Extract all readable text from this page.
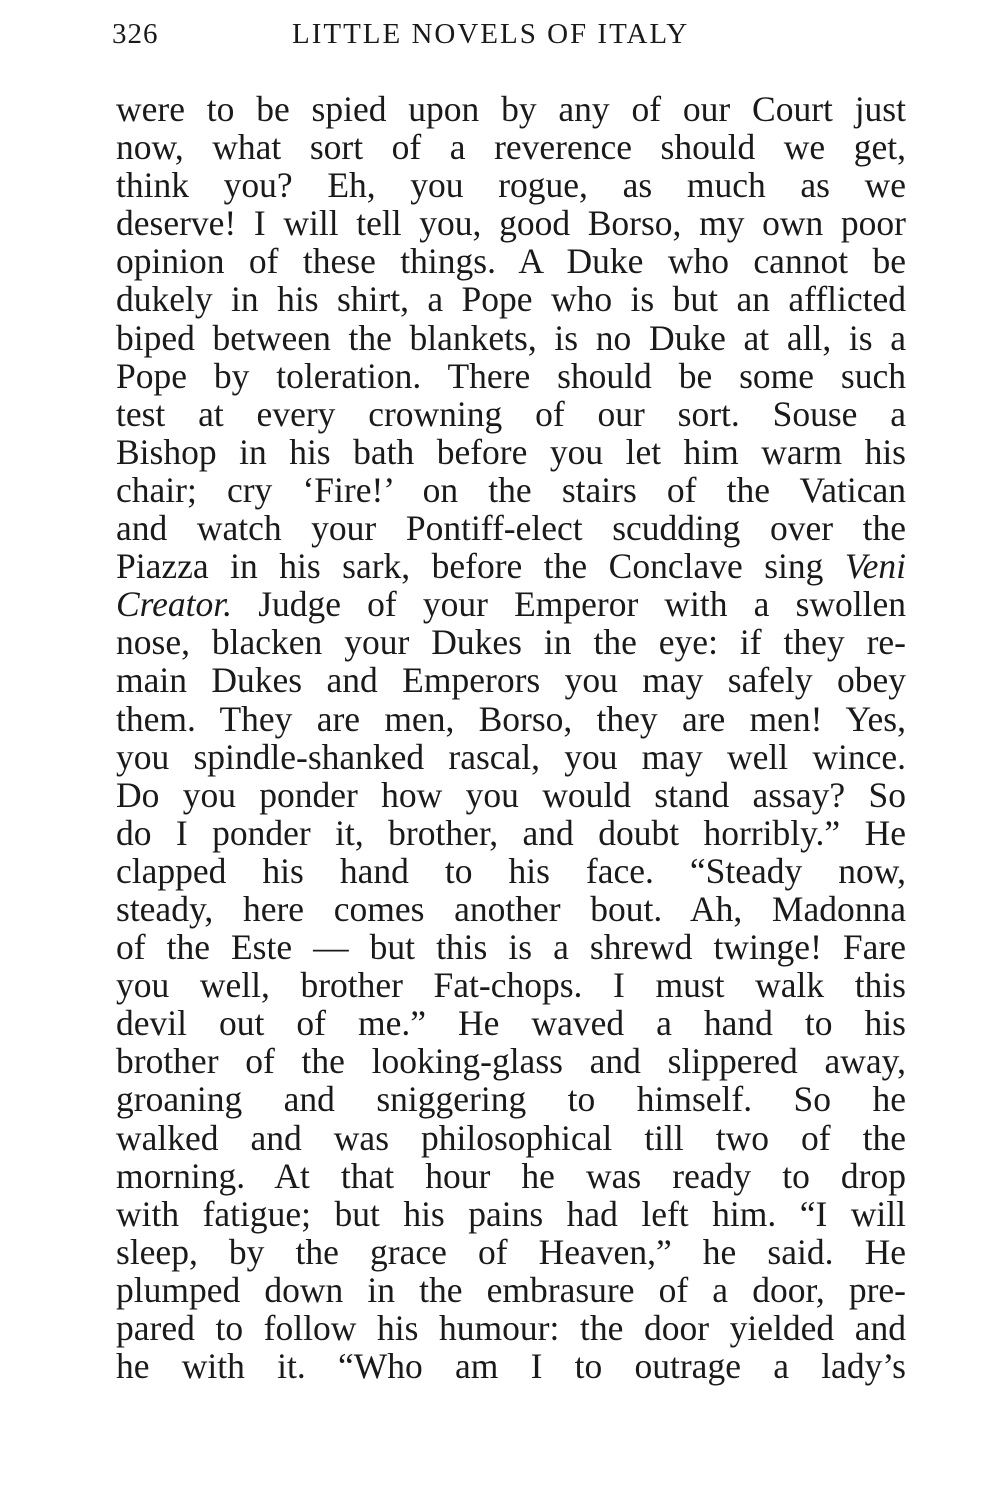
326	LITTLE NOVELS OF ITALY
were to be spied upon by any of our Court just
now, what sort of a reverence should we get,
think you? Eh, you rogue, as much as we
deserve! I will tell you, good Borso, my own poor
opinion of these things. A Duke who cannot be
dukely in his shirt, a Pope who is but an afflicted
biped between the blankets, is no Duke at all, is a
Pope by toleration. There should be some such
test at every crowning of our sort. Souse a
Bishop in his bath before you let him warm his
chair; cry ‘Fire!’ on the stairs of the Vatican
and watch your Pontiff-elect scudding over the
Piazza in his sark, before the Conclave sing Veni
Creator. Judge of your Emperor with a swollen
nose, blacken your Dukes in the eye: if they re-
main Dukes and Emperors you may safely obey
them. They are men, Borso, they are men! Yes,
you spindle-shanked rascal, you may well wince.
Do you ponder how you would stand assay? So
do I ponder it, brother, and doubt horribly.” He
clapped his hand to his face. “Steady now,
steady, here comes another bout. Ah, Madonna
of the Este — but this is a shrewd twinge! Fare
you well, brother Fat-chops. I must walk this
devil out of me.” He waved a hand to his
brother of the looking-glass and slippered away,
groaning and sniggering to himself. So he
walked and was philosophical till two of the
morning. At that hour he was ready to drop
with fatigue; but his pains had left him. “I will
sleep, by the grace of Heaven,” he said. He
plumped down in the embrasure of a door, pre-
pared to follow his humour: the door yielded and
he with it. “Who am I to outrage a lady’s
